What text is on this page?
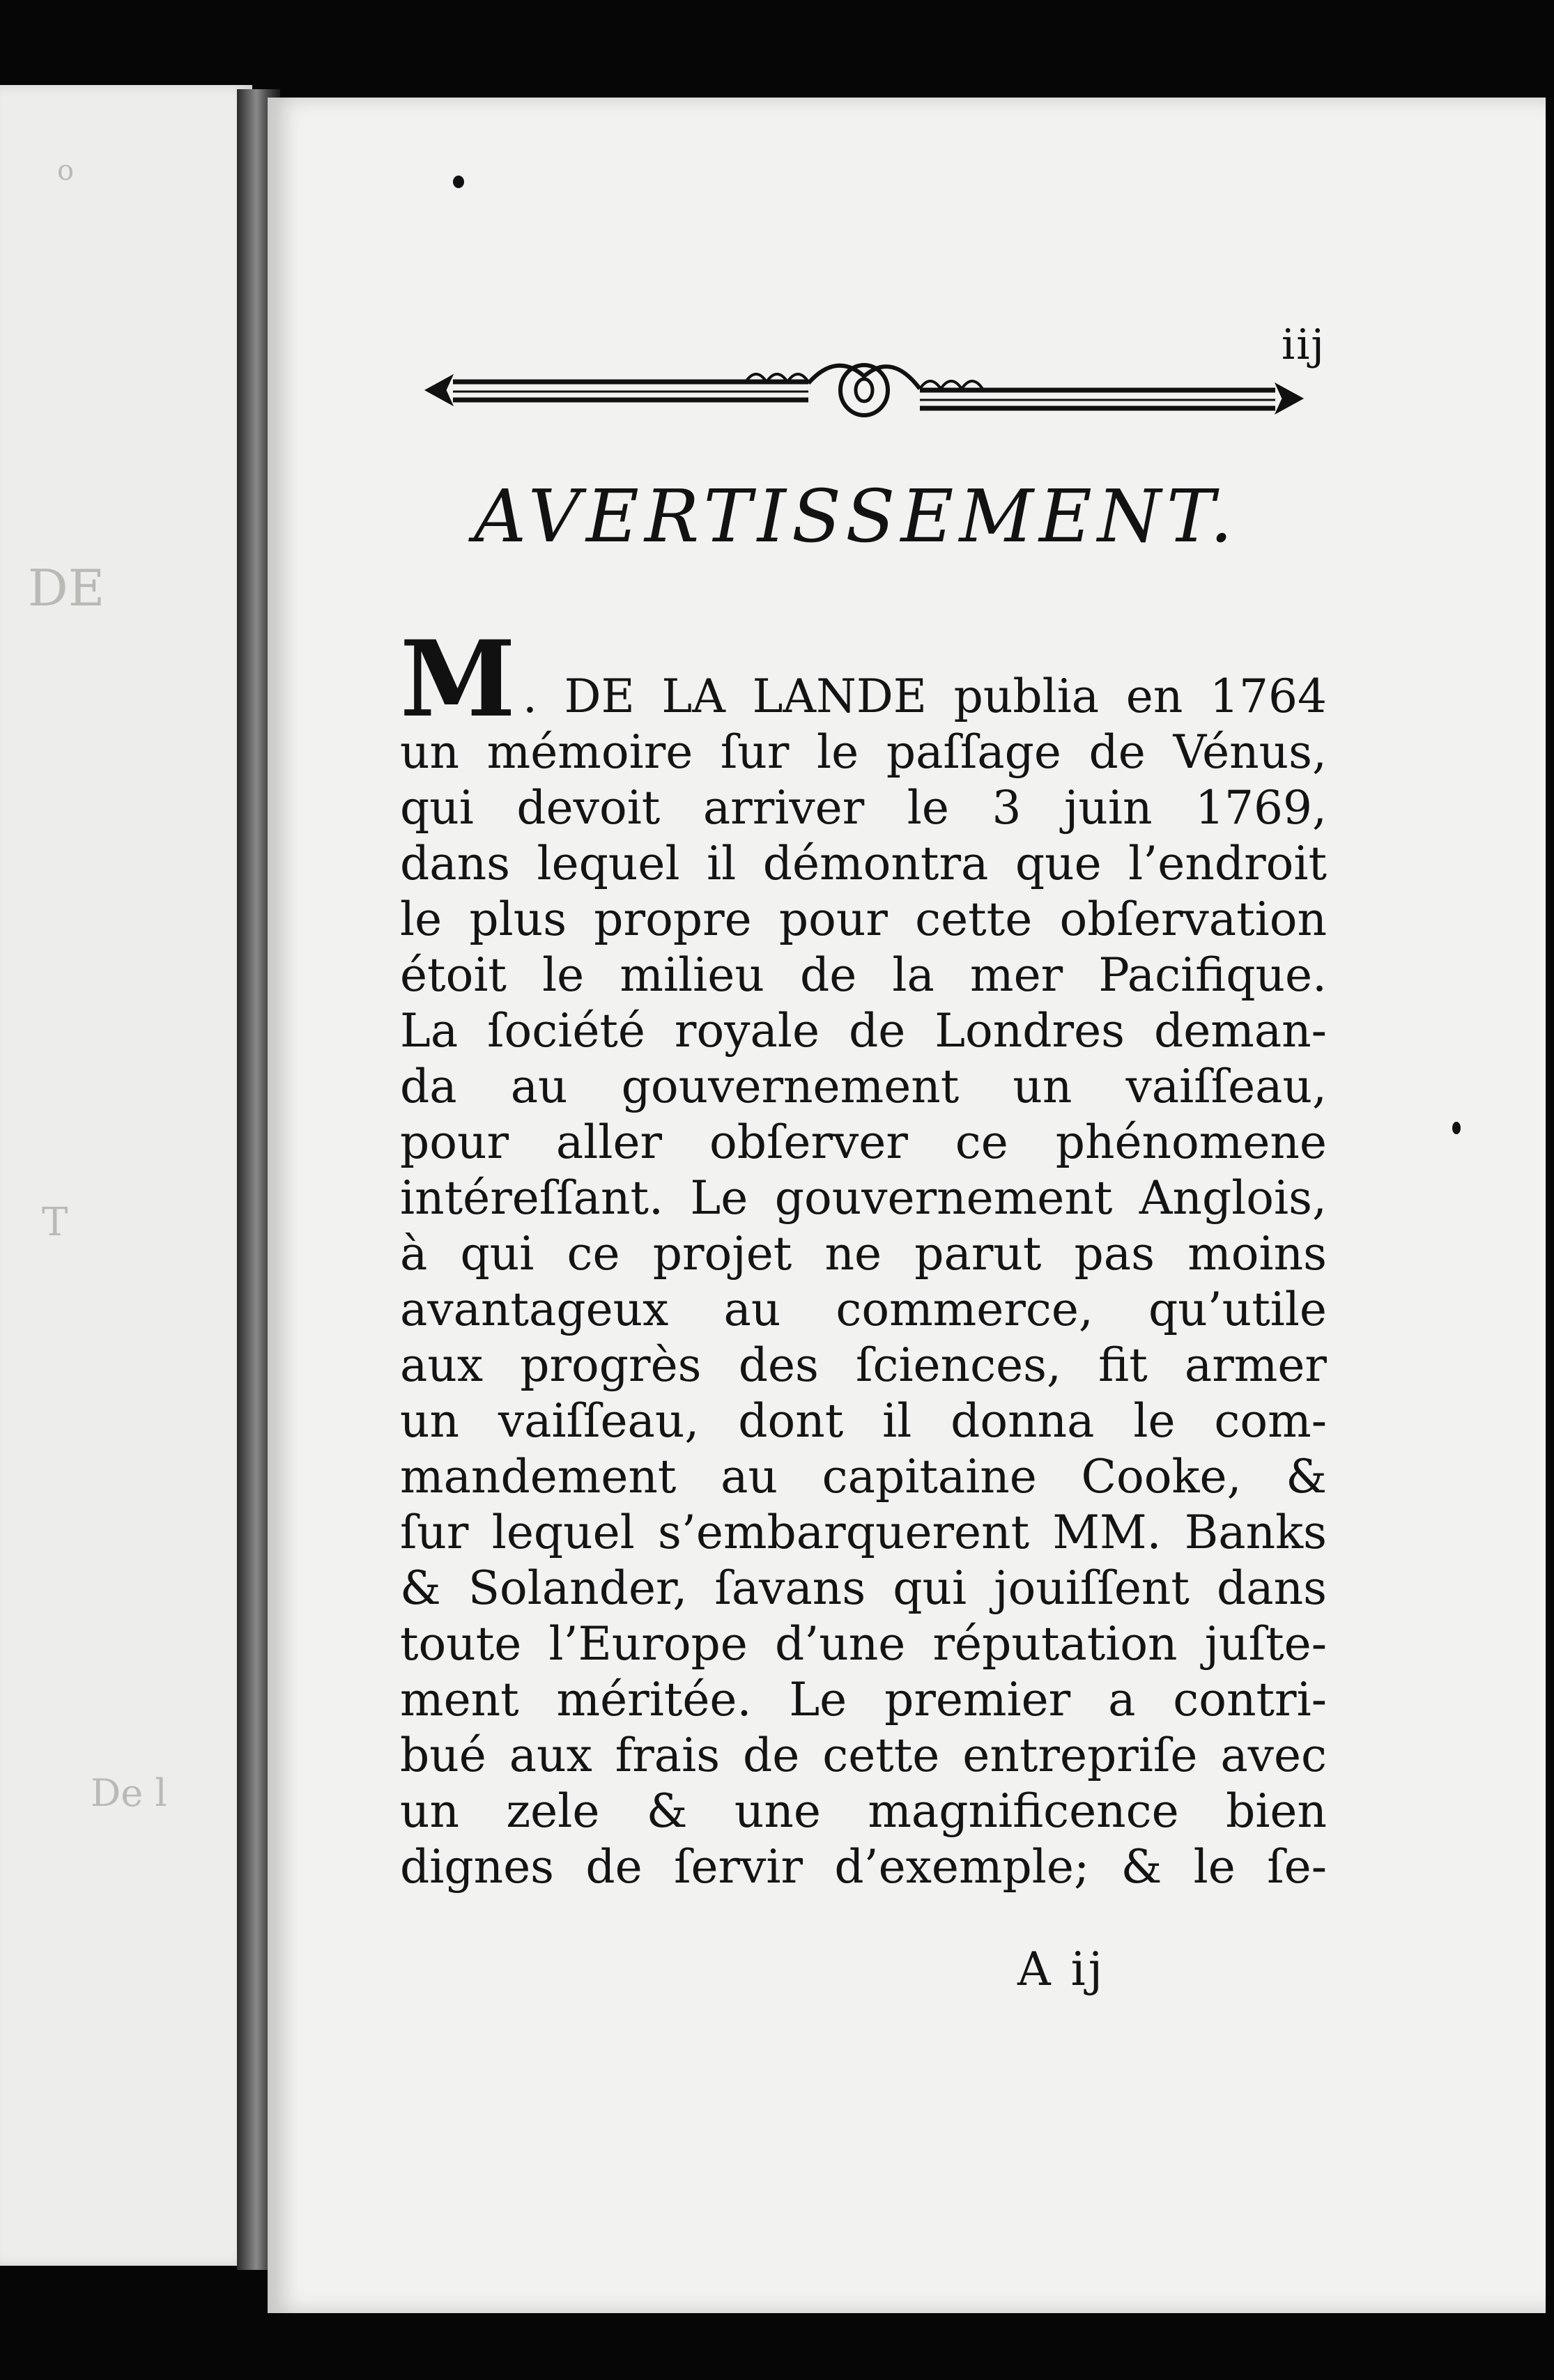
o
DE
T
De l
iij
AVERTISSEMENT.
M . DE LA LANDE publia en 1764
un mémoire ſur le paſſage de Vénus,
qui devoit arriver le 3 juin 1769,
dans lequel il démontra que l’endroit
le plus propre pour cette obſervation
étoit le milieu de la mer Pacifique.
La ſociété royale de Londres deman-
da au gouvernement un vaiſſeau,
pour aller obſerver ce phénomene
intéreſſant. Le gouvernement Anglois,
à qui ce projet ne parut pas moins
avantageux au commerce, qu’utile
aux progrès des ſciences, fit armer
un vaiſſeau, dont il donna le com-
mandement au capitaine Cooke, &
ſur lequel s’embarquerent MM. Banks
& Solander, ſavans qui jouiſſent dans
toute l’Europe d’une réputation juſte-
ment méritée. Le premier a contri-
bué aux frais de cette entrepriſe avec
un zele & une magnificence bien
dignes de ſervir d’exemple; & le ſe-
A ij
